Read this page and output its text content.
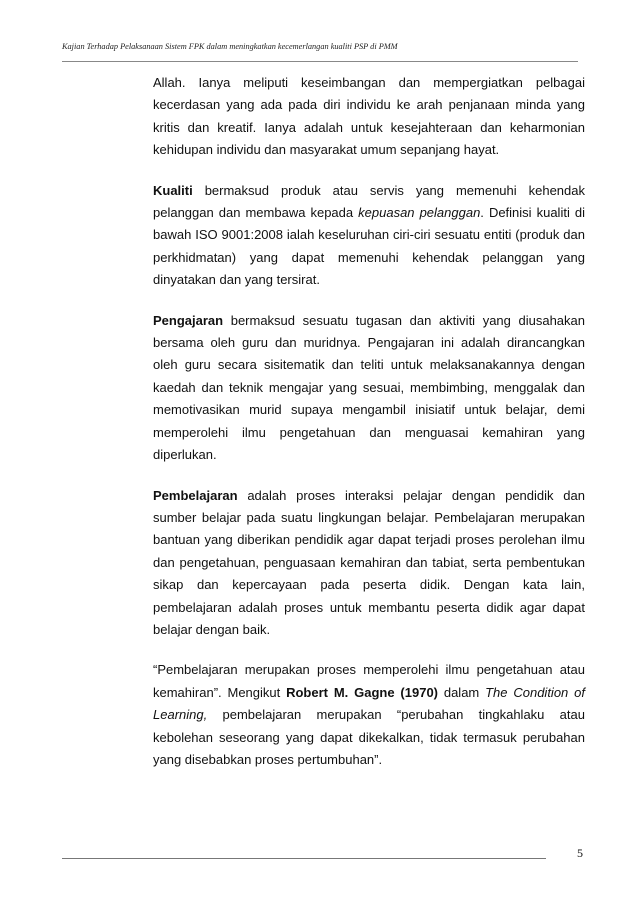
Kajian Terhadap Pelaksanaan Sistem FPK dalam meningkatkan kecemerlangan kualiti PSP di PMM

Allah. Ianya meliputi keseimbangan dan mempergiatkan pelbagai kecerdasan yang ada pada diri individu ke arah penjanaan minda yang kritis dan kreatif. Ianya adalah untuk kesejahteraan dan keharmonian kehidupan individu dan masyarakat umum sepanjang hayat.

Kualiti bermaksud produk atau servis yang memenuhi kehendak pelanggan dan membawa kepada kepuasan pelanggan. Definisi kualiti di bawah ISO 9001:2008 ialah keseluruhan ciri-ciri sesuatu entiti (produk dan perkhidmatan) yang dapat memenuhi kehendak pelanggan yang dinyatakan dan yang tersirat.

Pengajaran bermaksud sesuatu tugasan dan aktiviti yang diusahakan bersama oleh guru dan muridnya. Pengajaran ini adalah dirancangkan oleh guru secara sisitematik dan teliti untuk melaksanakannya dengan kaedah dan teknik mengajar yang sesuai, membimbing, menggalak dan memotivasikan murid supaya mengambil inisiatif untuk belajar, demi memperolehi ilmu pengetahuan dan menguasai kemahiran yang diperlukan.

Pembelajaran adalah proses interaksi pelajar dengan pendidik dan sumber belajar pada suatu lingkungan belajar. Pembelajaran merupakan bantuan yang diberikan pendidik agar dapat terjadi proses perolehan ilmu dan pengetahuan, penguasaan kemahiran dan tabiat, serta pembentukan sikap dan kepercayaan pada peserta didik. Dengan kata lain, pembelajaran adalah proses untuk membantu peserta didik agar dapat belajar dengan baik.

“Pembelajaran merupakan proses memperolehi ilmu pengetahuan atau kemahiran”. Mengikut Robert M. Gagne (1970) dalam The Condition of Learning, pembelajaran merupakan “perubahan tingkahlaku atau kebolehan seseorang yang dapat dikekalkan, tidak termasuk perubahan yang disebabkan proses pertumbuhan”.

5
